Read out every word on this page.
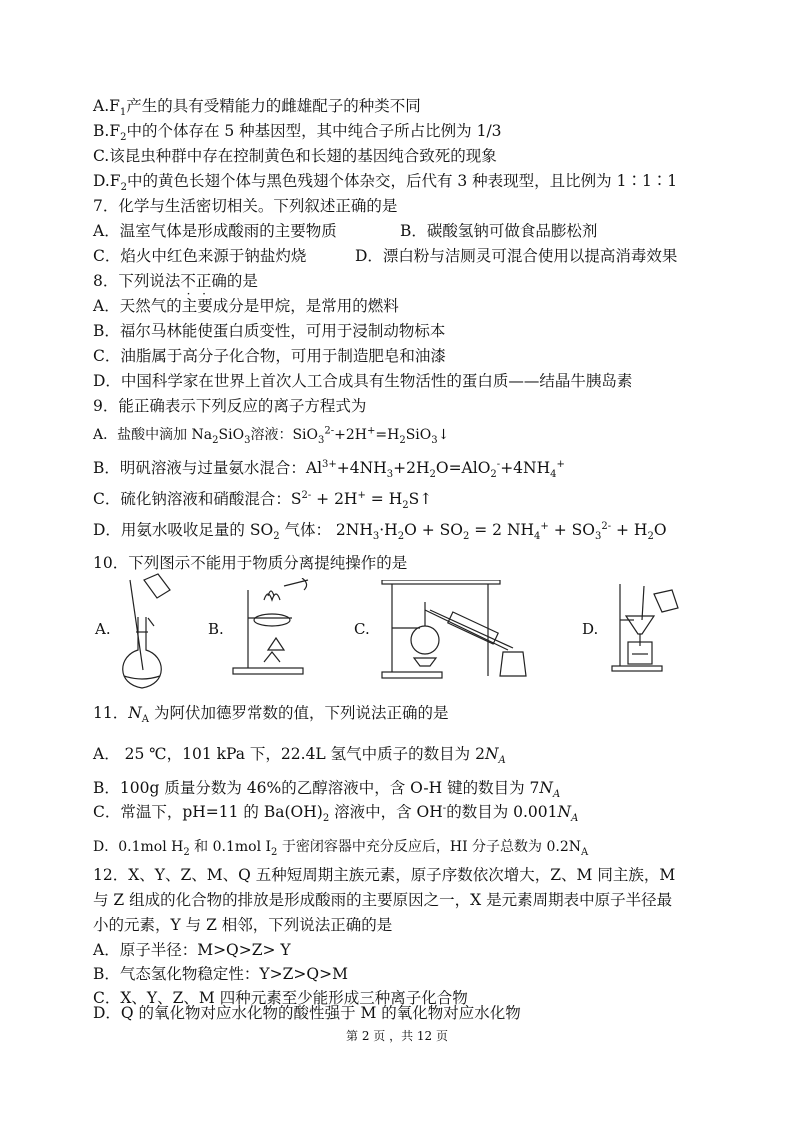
$A.F_1$产生的具有受精能力的雌雄配子的种类不同
$B.F_2$中的个体存在 5 种基因型，其中纯合子所占比例为 1/3
C.该昆虫种群中存在控制黄色和长翅的基因纯合致死的现象
$D.F_2$中的黄色长翅个体与黑色残翅个体杂交，后代有 3 种表现型，且比例为 1∶1∶1
7．化学与生活密切相关。下列叙述正确的是
A．温室气体是形成酸雨的主要物质	B．碳酸氢钠可做食品膨松剂
C．焰火中红色来源于钠盐灼烧	D．漂白粉与洁厕灵可混合使用以提高消毒效果
8．下列说法不正确的是
A．天然气的主要成分是甲烷，是常用的燃料
B．福尔马林能使蛋白质变性，可用于浸制动物标本
C．油脂属于高分子化合物，可用于制造肥皂和油漆
D．中国科学家在世界上首次人工合成具有生物活性的蛋白质——结晶牛胰岛素
9．能正确表示下列反应的离子方程式为
A．盐酸中滴加 $Na_2SiO_3$溶液：$SiO_3^{2-}+2H^+=H_2SiO_3↓$
B．明矾溶液与过量氨水混合：$Al^{3+}+4NH_3+2H_2O=AlO_2^-+4NH_4^+$
C．硫化钠溶液和硝酸混合：$S^{2-} + 2H^+$ = $H_2S↑$
D．用氨水吸收足量的 $SO_2$ 气体： $2NH_3\cdot H_2O + SO_2 = 2$ $NH_4^+ + SO_3^{2-} + H_2O$
10．下列图示不能用于物质分离提纯操作的是
A.	B.	C.	D.
11．$N_A$ 为阿伏加德罗常数的值，下列说法正确的是
A． 25 ℃，101 kPa 下，22.4L 氢气中质子的数目为 $2N_A$
B．100g 质量分数为 46%的乙醇溶液中，含 O-H 键的数目为 $7N_A$
C．常温下，pH=11 的 $Ba(OH)_2$ 溶液中，含 OH-的数目为 $0.001N_A$
D．0.1mol $H_2$ 和 0.1mol $I_2$ 于密闭容器中充分反应后，HI 分子总数为 $0.2N_A$
12．X、Y、Z、M、Q 五种短周期主族元素，原子序数依次增大，Z、M 同主族，M
与 Z 组成的化合物的排放是形成酸雨的主要原因之一，X 是元素周期表中原子半径最
小的元素，Y 与 Z 相邻，下列说法正确的是
A．原子半径：M>Q>Z> Y
B．气态氢化物稳定性：Y>Z>Q>M
C．X、Y、Z、M 四种元素至少能形成三种离子化合物
D．Q 的氧化物对应水化物的酸性强于 M 的氧化物对应水化物
第 2 页 ，共 12 页
